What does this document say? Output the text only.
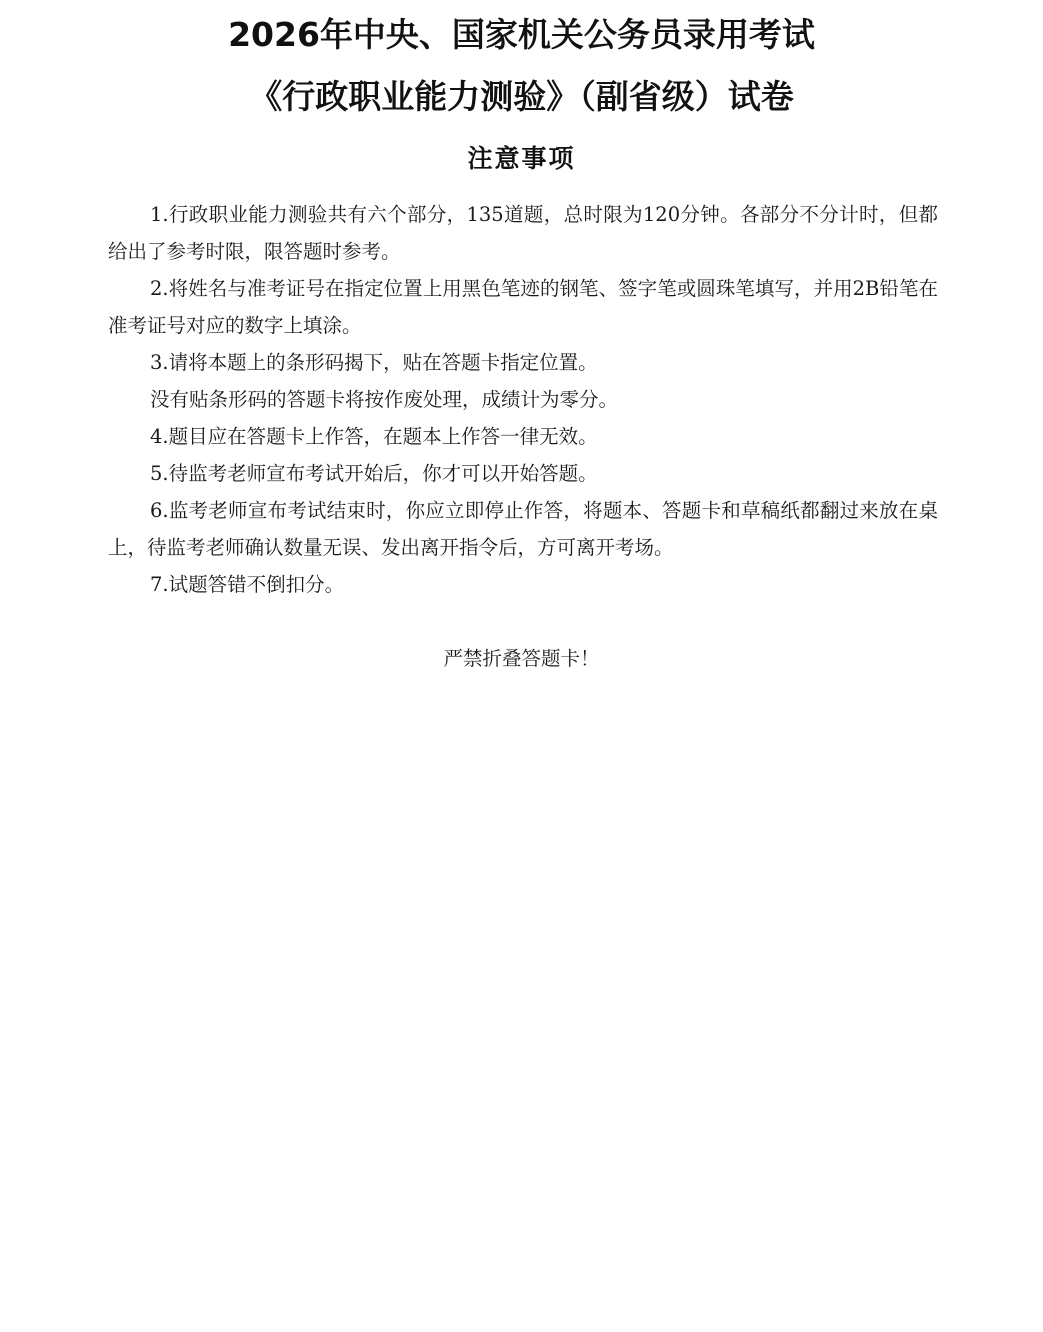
2026年中央、国家机关公务员录用考试
《行政职业能力测验》（副省级）试卷
注意事项
1.行政职业能力测验共有六个部分，135道题，总时限为120分钟。各部分不分计时，但都给出了参考时限，限答题时参考。
2.将姓名与准考证号在指定位置上用黑色笔迹的钢笔、签字笔或圆珠笔填写，并用2B铅笔在准考证号对应的数字上填涂。
3.请将本题上的条形码揭下，贴在答题卡指定位置。
没有贴条形码的答题卡将按作废处理，成绩计为零分。
4.题目应在答题卡上作答，在题本上作答一律无效。
5.待监考老师宣布考试开始后，你才可以开始答题。
6.监考老师宣布考试结束时，你应立即停止作答，将题本、答题卡和草稿纸都翻过来放在桌上，待监考老师确认数量无误、发出离开指令后，方可离开考场。
7.试题答错不倒扣分。
严禁折叠答题卡！
